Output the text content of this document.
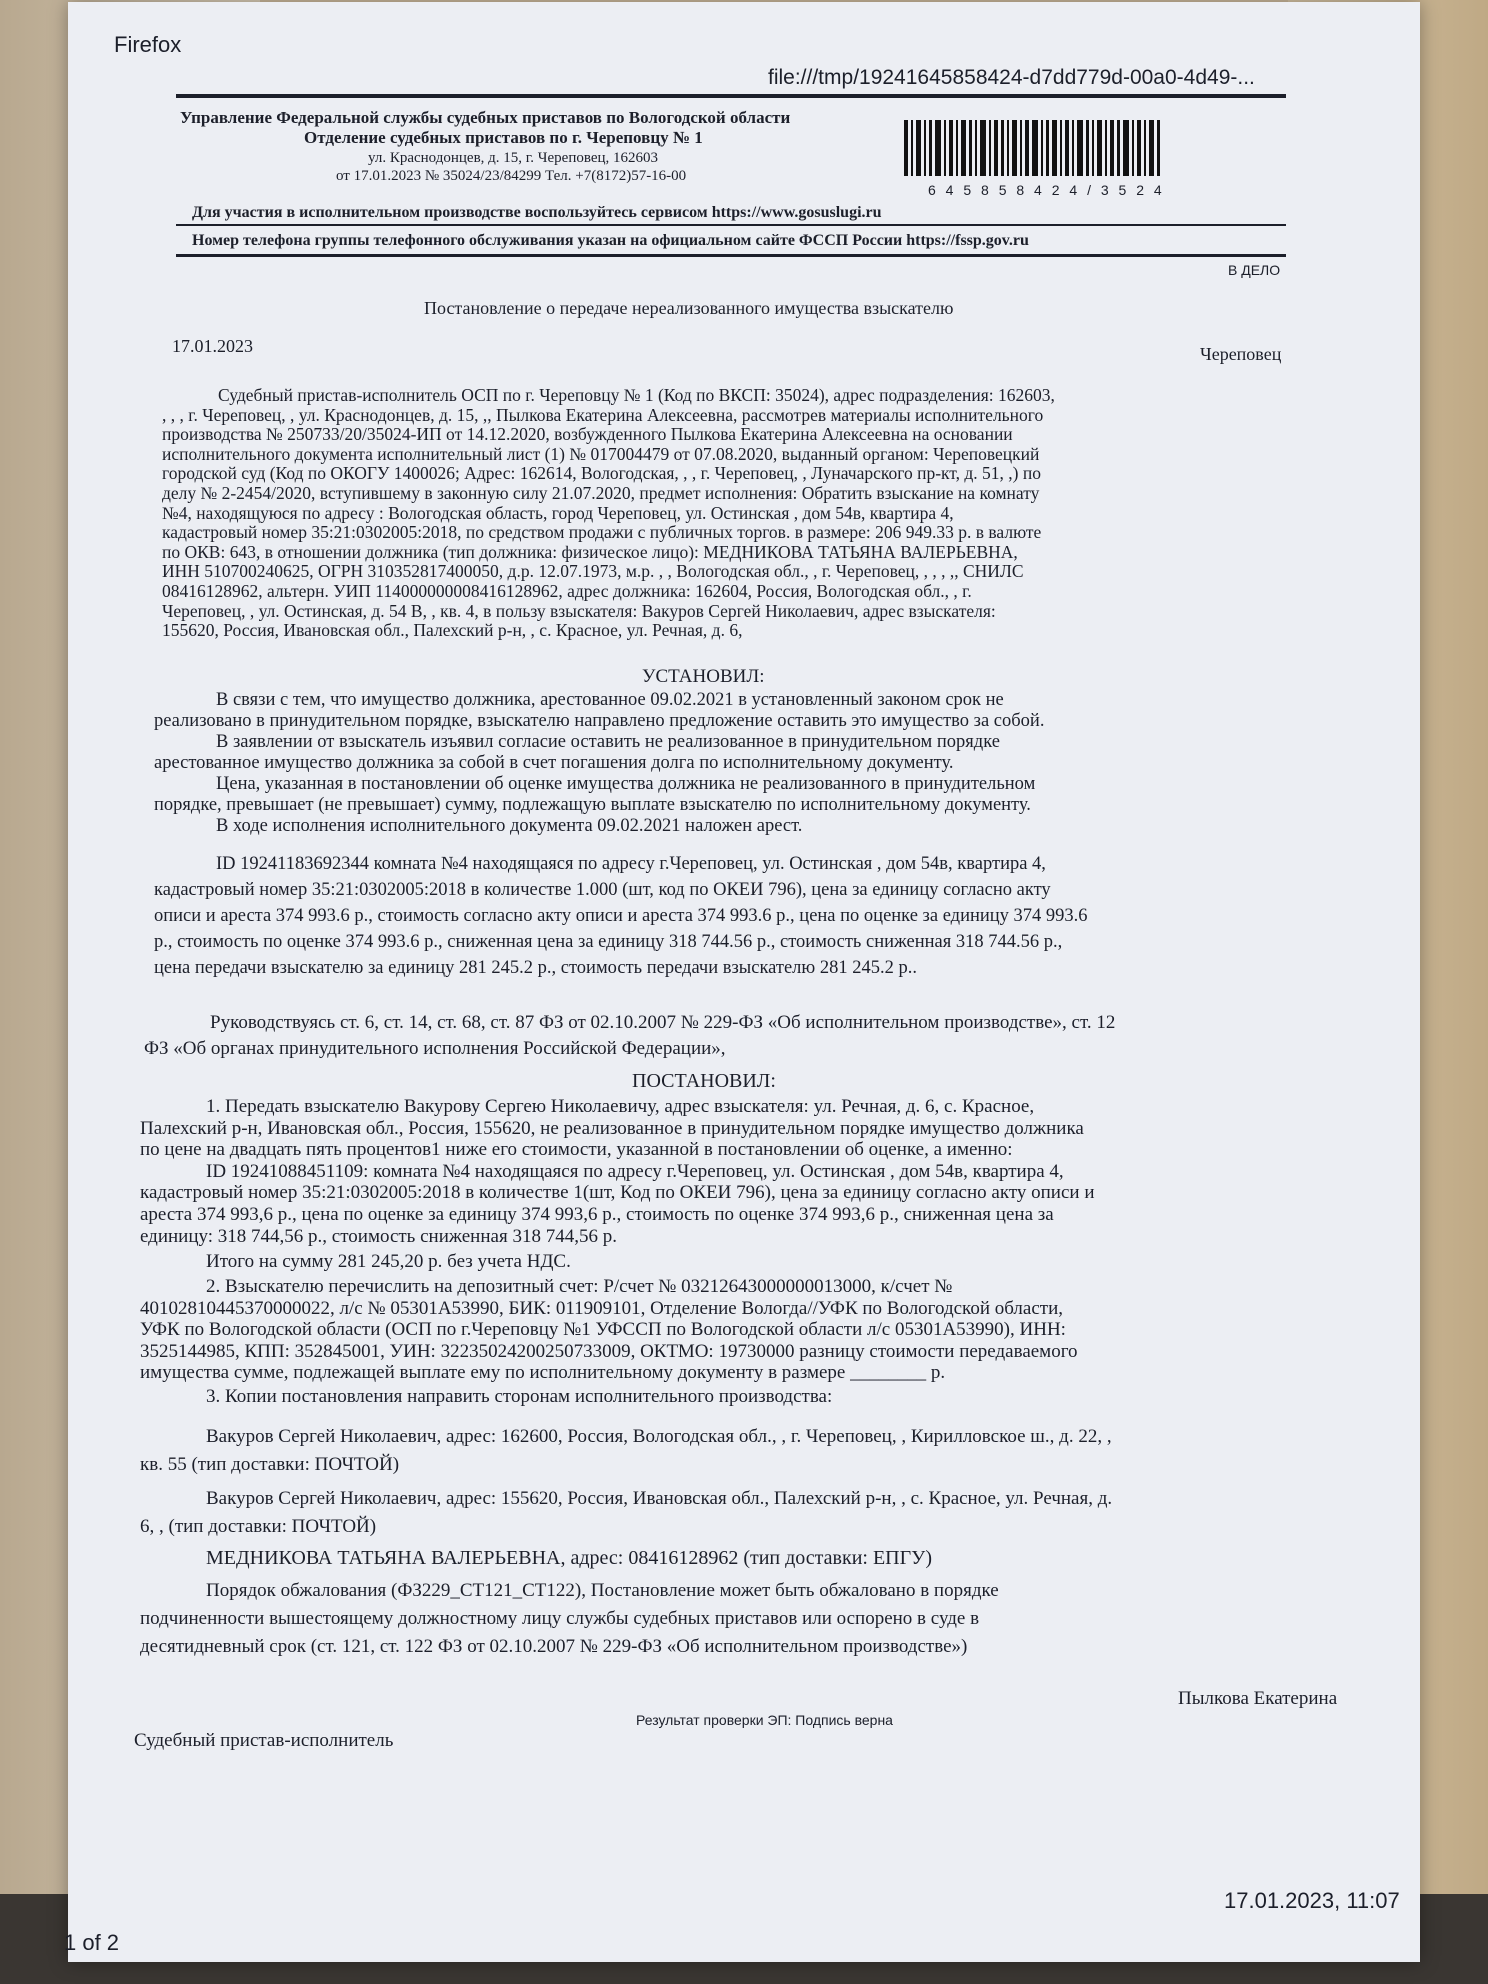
Firefox
file:///tmp/19241645858424-d7dd779d-00a0-4d49-...
Управление Федеральной службы судебных приставов по Вологодской области
Отделение судебных приставов по г. Череповцу № 1
ул. Краснодонцев, д. 15, г. Череповец, 162603
от 17.01.2023 № 35024/23/84299 Тел. +7(8172)57-16-00
6 4 5 8 5 8 4 2 4 / 3 5 2 4
Для участия в исполнительном производстве воспользуйтесь сервисом https://www.gosuslugi.ru
Номер телефона группы телефонного обслуживания указан на официальном сайте ФССП России https://fssp.gov.ru
В ДЕЛО
Постановление о передаче нереализованного имущества взыскателю
17.01.2023	Череповец
Судебный пристав-исполнитель ОСП по г. Череповцу № 1 (Код по ВКСП: 35024), адрес подразделения: 162603,
, , , г. Череповец, , ул. Краснодонцев, д. 15, ,, Пылкова Екатерина Алексеевна, рассмотрев материалы исполнительного
производства № 250733/20/35024-ИП от 14.12.2020, возбужденного Пылкова Екатерина Алексеевна на основании
исполнительного документа исполнительный лист (1) № 017004479 от 07.08.2020, выданный органом: Череповецкий
городской суд (Код по ОКОГУ 1400026; Адрес: 162614, Вологодская, , , г. Череповец, , Луначарского пр-кт, д. 51, ,) по
делу № 2-2454/2020, вступившему в законную силу 21.07.2020, предмет исполнения: Обратить взыскание на комнату
№4, находящуюся по адресу : Вологодская область, город Череповец, ул. Остинская , дом 54в, квартира 4,
кадастровый номер 35:21:0302005:2018, по средством продажи с публичных торгов. в размере: 206 949.33 р. в валюте
по ОКВ: 643, в отношении должника (тип должника: физическое лицо): МЕДНИКОВА ТАТЬЯНА ВАЛЕРЬЕВНА,
ИНН 510700240625, ОГРН 310352817400050, д.р. 12.07.1973, м.р. , , Вологодская обл., , г. Череповец, , , , ,, СНИЛС
08416128962, альтерн. УИП 114000000008416128962, адрес должника: 162604, Россия, Вологодская обл., , г.
Череповец, , ул. Остинская, д. 54 В, , кв. 4, в пользу взыскателя: Вакуров Сергей Николаевич, адрес взыскателя:
155620, Россия, Ивановская обл., Палехский р-н, , с. Красное, ул. Речная, д. 6,
УСТАНОВИЛ:
В связи с тем, что имущество должника, арестованное 09.02.2021 в установленный законом срок не
реализовано в принудительном порядке, взыскателю направлено предложение оставить это имущество за собой.
В заявлении от взыскатель изъявил согласие оставить не реализованное в принудительном порядке
арестованное имущество должника за собой в счет погашения долга по исполнительному документу.
Цена, указанная в постановлении об оценке имущества должника не реализованного в принудительном
порядке, превышает (не превышает) сумму, подлежащую выплате взыскателю по исполнительному документу.
В ходе исполнения исполнительного документа 09.02.2021 наложен арест.
ID 19241183692344 комната №4 находящаяся по адресу г.Череповец, ул. Остинская , дом 54в, квартира 4,
кадастровый номер 35:21:0302005:2018 в количестве 1.000 (шт, код по ОКЕИ 796), цена за единицу согласно акту
описи и ареста 374 993.6 р., стоимость согласно акту описи и ареста 374 993.6 р., цена по оценке за единицу 374 993.6
р., стоимость по оценке 374 993.6 р., сниженная цена за единицу 318 744.56 р., стоимость сниженная 318 744.56 р.,
цена передачи взыскателю за единицу 281 245.2 р., стоимость передачи взыскателю 281 245.2 р..
Руководствуясь ст. 6, ст. 14, ст. 68, ст. 87 ФЗ от 02.10.2007 № 229-ФЗ «Об исполнительном производстве», ст. 12
ФЗ «Об органах принудительного исполнения Российской Федерации»,
ПОСТАНОВИЛ:
1. Передать взыскателю Вакурову Сергею Николаевичу, адрес взыскателя: ул. Речная, д. 6, с. Красное,
Палехский р-н, Ивановская обл., Россия, 155620, не реализованное в принудительном порядке имущество должника
по цене на двадцать пять процентов1 ниже его стоимости, указанной в постановлении об оценке, а именно:
ID 19241088451109: комната №4 находящаяся по адресу г.Череповец, ул. Остинская , дом 54в, квартира 4,
кадастровый номер 35:21:0302005:2018 в количестве 1(шт, Код по ОКЕИ 796), цена за единицу согласно акту описи и
ареста 374 993,6 р., цена по оценке за единицу 374 993,6 р., стоимость по оценке 374 993,6 р., сниженная цена за
единицу: 318 744,56 р., стоимость сниженная 318 744,56 р.
Итого на сумму 281 245,20 р. без учета НДС.
2. Взыскателю перечислить на депозитный счет: Р/счет № 03212643000000013000, к/счет №
40102810445370000022, л/с № 05301А53990, БИК: 011909101, Отделение Вологда//УФК по Вологодской области,
УФК по Вологодской области (ОСП по г.Череповцу №1 УФССП по Вологодской области л/с 05301А53990), ИНН:
3525144985, КПП: 352845001, УИН: 32235024200250733009, ОКТМО: 19730000 разницу стоимости передаваемого
имущества сумме, подлежащей выплате ему по исполнительному документу в размере ________ р.
3. Копии постановления направить сторонам исполнительного производства:
Вакуров Сергей Николаевич, адрес: 162600, Россия, Вологодская обл., , г. Череповец, , Кирилловское ш., д. 22, ,
кв. 55 (тип доставки: ПОЧТОЙ)
Вакуров Сергей Николаевич, адрес: 155620, Россия, Ивановская обл., Палехский р-н, , с. Красное, ул. Речная, д.
6, , (тип доставки: ПОЧТОЙ)
МЕДНИКОВА ТАТЬЯНА ВАЛЕРЬЕВНА, адрес: 08416128962 (тип доставки: ЕПГУ)
Порядок обжалования (ФЗ229_СТ121_СТ122), Постановление может быть обжаловано в порядке
подчиненности вышестоящему должностному лицу службы судебных приставов или оспорено в суде в
десятидневный срок (ст. 121, ст. 122 ФЗ от 02.10.2007 № 229-ФЗ «Об исполнительном производстве»)
Пылкова Екатерина
Результат проверки ЭП: Подпись верна
Судебный пристав-исполнитель
17.01.2023, 11:07
1 of 2
